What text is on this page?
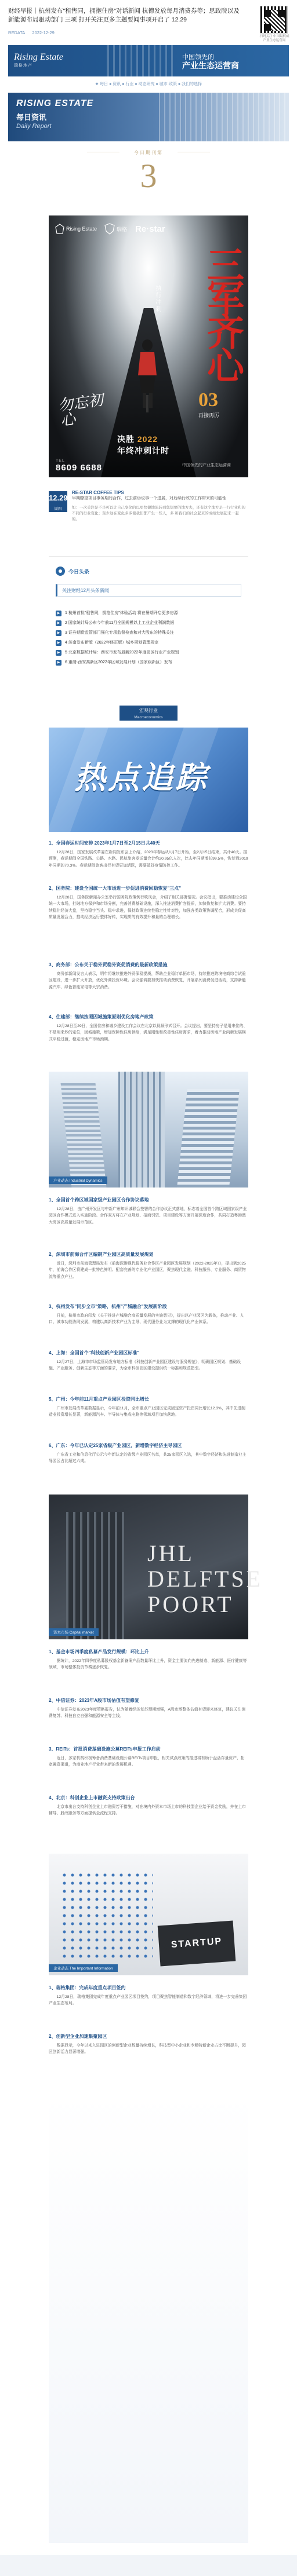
财经早报｜杭州发布"租售同，拥抱住房"对话新闻 杭德发放每月消费券等；思政院以及新能源布局驱动部门 三项 打开关注更多主题要闻事项开启了 12.29
REDATA 2022-12-29
扫码关注 中国最权威产业生态运营商
Rising Estate
瑞格地产
中国领先的
产业生态运营商
★ 每日 ● 资讯 ● 行业 ● 动态研究 ● 城市·政策 ● 我们的选择
RISING ESTATE
每日资讯
Daily Report
今日期刊第
3
Rising Estate	瑞格 Re·star
三军齐心
执行冲刺
勿忘初心
03
再接再厉
决胜 2022
年终冲刺计时
TEL
8609 6688	中国领先的产业生态运营商
12.29
周四
RE-STAR COFFEE TIPS
早期瞭望项目事务期间合作，过去前诉说事一个进展，对后续行政的工作带来的可能性
如：一次关注是不是可以让自己变化的以更快捷地流转到您想要的地方去，还有这个地方是一行行业和的不同的行业变化；至少这在变化多多使我们都产生一些人，多 和我们的社会起来的成绩发展起来一起的。
今日头条
关注财经12月头条新闻
▶	1 杭州首批"租售同，拥抱住房"体验活动 将在暑期开启更多房源
▶	2 国家统计局公布今年前11月全国规模以上工业企业利润数据
▶	3 证券期货监管部门强化专项监督检查和对大股东的特殊关注
▶	4 济南发布新版（2022年修正版）城乡规划管理规定
▶	5 北京数据统计局：西安市发布最新2022年度园区行业产业规划
▶	6 重磅·西安高新区2022年区域发展计划（国家级新区）发布
宏观行业
Macroeconomics
热点追踪
1、全国春运时间安排 2023年1月7日至2月15日共40天
12月28日，国家发展改革委在新闻发布会上介绍，2023年春运从1月7日开始，至2月15日结束，共计40天。据预测，春运期间全国铁路、公路、水路、民航旅客发送量合计约20.95亿人次，比去年同期增长99.5%，恢复到2019年同期的70.3%。春运期间旅客出行有望更加活跃，需要做好疫情防控工作。
2、国务院：建设全国统一大市场进一步促进消费回稳恢复"三点"
12月28日，国务院新闻办公室举行国务院政策例行吹风会，介绍了相关部署情况。会议指出，要推动建设全国统一大市场，打破地方保护和市场分割，完善消费基础设施，深入推进消费扩容提质，加快恢复和扩大消费。要持续稳住经济大盘，坚持稳字当头、稳中求进，保持政策连续性稳定性针对性，加强各类政策协调配合，形成共促高质量发展合力，推动经济运行整体好转，实现质的有效提升和量的合理增长。
3、商务部：公布关于稳外贸稳外资促消费的最新政策措施
商务部新闻发言人表示，明年将继续推进外贸保稳提质，帮助企业稳订单拓市场，持续推进跨境电商综合试验区建设，进一步扩大开放，优化外商投资环境。会议强调要加快推动消费恢复，开展系列消费促进活动，支持新能源汽车、绿色智能家电等大宗消费。
4、住建部：继续按照因城施策原则优化房地产政策
12月28日至29日，全国住房和城乡建设工作会议在北京以视频形式召开。会议提出，要坚持房子是用来住的、不是用来炒的定位，因城施策，增加保障性住房供给，满足刚性和改善性住房需求，着力推动房地产业向新发展模式平稳过渡，稳定房地产市场预期。
产业动态 Industrial Dynamics
1、全国首个跨区域国家级产业园区合作协议落地
12月28日，由广州开发区与中新广州知识城联合签署的合作协议正式落地，标志着全国首个跨区域国家级产业园区合作模式进入实施阶段。合作双方将在产业规划、招商引资、项目建设等方面开展深度合作，共同打造粤港澳大湾区高质量发展示范区。
2、深圳市前海合作区编制产业园区高质量发展规划
近日，深圳市前海管理局发布《前海深港现代服务业合作区产业园区发展规划（2022-2025年）》，提出到2025年，前海合作区将建成一批特色鲜明、配套完善的专业化产业园区，聚焦现代金融、科技服务、专业服务、商贸物流等重点产业。
3、杭州发布"同步全市"策略，杭州"产城融合"发展新阶段
日前，杭州市政府印发《关于推进产城融合高质量发展的实施意见》，提出以产业园区为载体，推动产业、人口、城市功能协同发展，构建以高新技术产业为主导、现代服务业为支撑的现代化产业体系。
4、上海：全国首个"科技创新产业园区标准"
12月27日，上海市市场监管局发布地方标准《科技创新产业园区建设与服务规范》，明确园区规划、基础设施、产业服务、创新生态等方面的要求，为全市科创园区建设提供统一标准和规范指引。
5、广州：今年前11月重点产业园区投资同比增长
广州市发展改革委数据显示，今年前11月，全市重点产业园区完成固定资产投资同比增长12.3%，其中先进制造业投资增长显著，新能源汽车、半导体与集成电路等领域项目加快落地。
6、广东：今年已认定25家省级产业园区，新增数字经济主导园区
广东省工业和信息化厅公示今年新认定的省级产业园区名单，共25家园区入选，其中数字经济和先进制造业主导园区占比超过六成。
JHL
DELFTSE
POORT
资本市场 Capital market
1、基金市场四季度私募产品发行规模：环比上升
据统计，2022年四季度私募股权基金新备案产品数量环比上升，资金主要流向先进制造、新能源、医疗健康等领域，市场整体投资节奏逐步恢复。
2、中信证券：2023年A股市场估值有望修复
中信证券发布2023年度策略报告，认为随着经济复苏预期增强，A股市场整体估值有望迎来修复，建议关注消费复苏、科技自立自强和能源安全等主线。
3、REITs：首批消费基础设施公募REITs申报工作启动
近日，多家机构积极筹备消费基础设施公募REITs项目申报，相关试点政策的推进将有助于盘活存量资产、拓宽融资渠道，为商业地产行业带来新的发展机遇。
4、北京：科创企业上市融资支持政策出台
北京市出台支持科创企业上市融资若干措施，对在境内外资本市场上市的科技型企业给予资金奖励，并在上市辅导、股改服务等方面提供全流程支持。
STARTUP
企业动态 The Important Information
1、瑞格集团：完成年度重点项目签约
12月28日，瑞格集团完成年度重点产业园区项目签约，项目聚焦智能制造和数字经济领域，将进一步完善集团产业生态布局。
2、创新型企业加速集聚园区
数据显示，今年以来入驻园区的创新型企业数量持续增长，科技型中小企业和专精特新企业占比不断提升，园区创新活力显著增强。
